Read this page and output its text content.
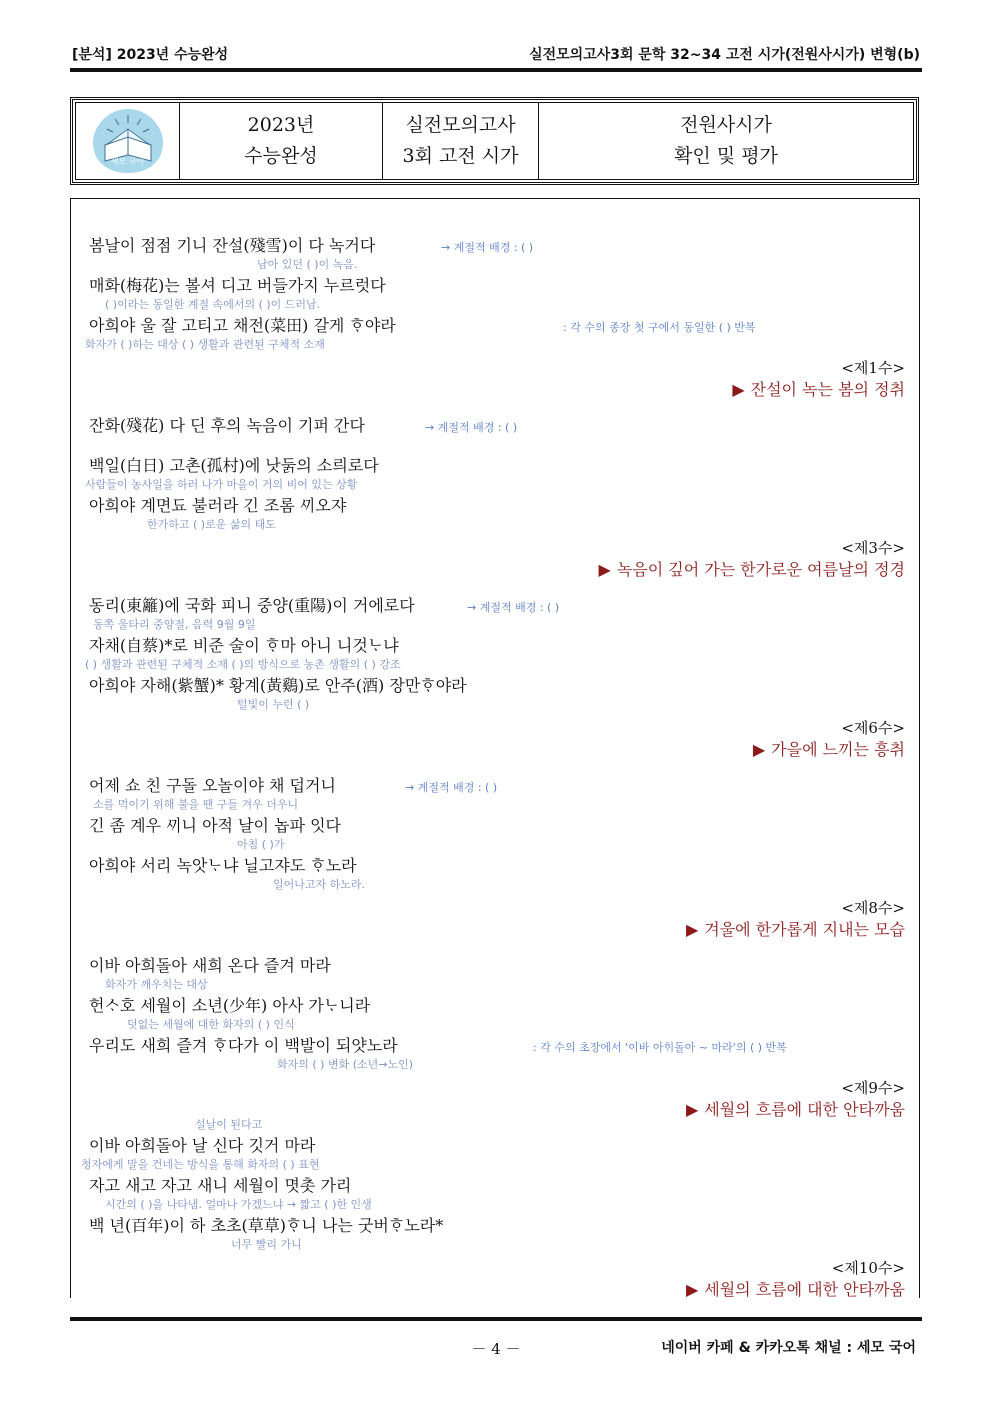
[분석] 2023년 수능완성	실전모의고사3회 문학 32~34 고전 시가(전원사시가) 변형(b)
세모 국어
2023년
수능완성
실전모의고사
3회 고전 시가
전원사시가
확인 및 평가
봄날이 점점 기니 잔설(殘雪)이 다 녹거다	→ 계절적 배경 : ( )
남아 있던 ( )이 녹음.
매화(梅花)는 볼셔 디고 버들가지 누르럿다
( )이라는 동일한 계절 속에서의 ( )이 드러남.
아희야 울 잘 고티고 채전(菜田) 갈게 ᄒᆞ야라	: 각 수의 종장 첫 구에서 동일한 ( ) 반복
화자가 ( )하는 대상 ( ) 생활과 관련된 구체적 소재
<제1수>
▶ 잔설이 녹는 봄의 정취
잔화(殘花) 다 딘 후의 녹음이 기퍼 간다	→ 계절적 배경 : ( )
백일(白日) 고촌(孤村)에 낫둙의 소릐로다
사람들이 농사일을 하러 나가 마을이 거의 비어 있는 상황
아희야 계면됴 불러라 긴 조롬 ᄭᅵ오쟈
한가하고 ( )로운 삶의 태도
<제3수>
▶ 녹음이 깊어 가는 한가로운 여름날의 정경
동리(東籬)에 국화 피니 중양(重陽)이 거에로다	→ 계절적 배경 : ( )
동쪽 울타리 중양절, 음력 9월 9일
자채(自蔡)*로 비준 술이 ᄒᆞ마 아니 니것ᄂᆞ냐
( ) 생활과 관련된 구체적 소재 ( )의 방식으로 농촌 생활의 ( ) 강조
아희야 자해(紫蟹)* 황계(黃鷄)로 안주(酒) 장만ᄒᆞ야라
털빛이 누런 ( )
<제6수>
▶ 가을에 느끼는 흥취
어제 쇼 친 구돌 오놀이야 채 덥거니	→ 계절적 배경 : ( )
소를 먹이기 위해 불을 땐 구들 겨우 더우니
긴 좀 계우 ᄭᅵ니 아적 날이 놉파 잇다
아침 ( )가
아희야 서리 녹앗ᄂᆞ냐 닐고쟈도 ᄒᆞ노라
일어나고자 하노라.
<제8수>
▶ 겨울에 한가롭게 지내는 모습
이바 아희돌아 새희 온다 즐겨 마라
화자가 깨우치는 대상
헌ᄉᆞ호 세월이 소년(少年) 아사 가ᄂᆞ니라
덧없는 세월에 대한 화자의 ( ) 인식
우리도 새희 즐겨 ᄒᆞ다가 이 백발이 되얏노라	: 각 수의 초장에서 '이바 아ᄒᆡ돌아 ~ 마라'의 ( ) 반복
화자의 ( ) 변화 (소년→노인)
<제9수>
▶ 세월의 흐름에 대한 안타까움
설날이 된다고
이바 아희돌아 날 신다 깃거 마라
청자에게 말을 건네는 방식을 통해 화자의 ( ) 표현
자고 새고 자고 새니 세월이 몃촛 가리
시간의 ( )을 나타냄. 얼마나 가겠느냐 → 짧고 ( )한 인생
백 년(百年)이 하 초초(草草)ᄒᆞ니 나는 굿버ᄒᆞ노라*
너무 빨리 가니
<제10수>
▶ 세월의 흐름에 대한 안타까움
－ 4 －	네이버 카페 & 카카오톡 채널 : 세모 국어
